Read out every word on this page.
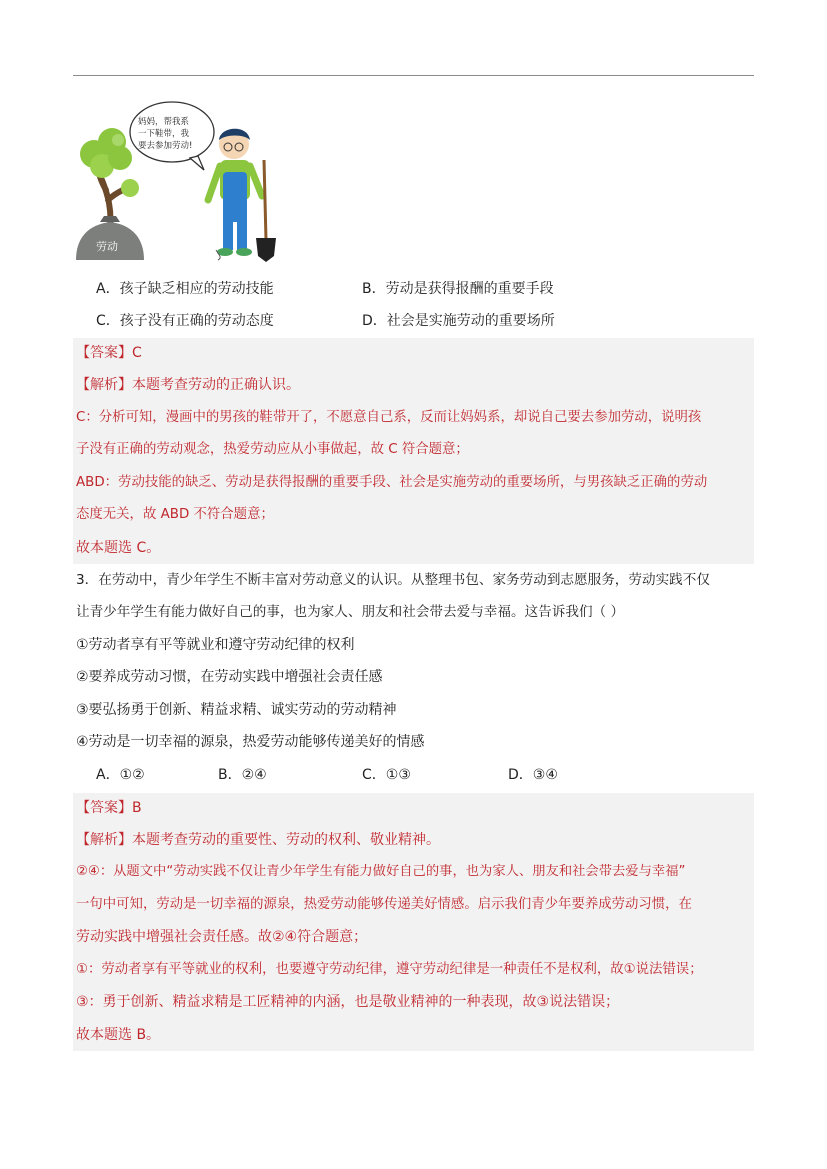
劳动
妈妈，帮我系
一下鞋带，我
要去参加劳动!
A．孩子缺乏相应的劳动技能	B．劳动是获得报酬的重要手段
C．孩子没有正确的劳动态度	D．社会是实施劳动的重要场所
【答案】C
【解析】本题考查劳动的正确认识。
C：分析可知，漫画中的男孩的鞋带开了，不愿意自己系，反而让妈妈系，却说自己要去参加劳动，说明孩
子没有正确的劳动观念，热爱劳动应从小事做起，故 C 符合题意；
ABD：劳动技能的缺乏、劳动是获得报酬的重要手段、社会是实施劳动的重要场所，与男孩缺乏正确的劳动
态度无关，故 ABD 不符合题意；
故本题选 C。
3．在劳动中，青少年学生不断丰富对劳动意义的认识。从整理书包、家务劳动到志愿服务，劳动实践不仅
让青少年学生有能力做好自己的事，也为家人、朋友和社会带去爱与幸福。这告诉我们（ ）
①劳动者享有平等就业和遵守劳动纪律的权利
②要养成劳动习惯，在劳动实践中增强社会责任感
③要弘扬勇于创新、精益求精、诚实劳动的劳动精神
④劳动是一切幸福的源泉，热爱劳动能够传递美好的情感
A．①②	B．②④	C．①③	D．③④
【答案】B
【解析】本题考查劳动的重要性、劳动的权利、敬业精神。
②④：从题文中“劳动实践不仅让青少年学生有能力做好自己的事，也为家人、朋友和社会带去爱与幸福”
一句中可知，劳动是一切幸福的源泉，热爱劳动能够传递美好情感。启示我们青少年要养成劳动习惯，在
劳动实践中增强社会责任感。故②④符合题意；
①：劳动者享有平等就业的权利，也要遵守劳动纪律，遵守劳动纪律是一种责任不是权利，故①说法错误；
③：勇于创新、精益求精是工匠精神的内涵，也是敬业精神的一种表现，故③说法错误；
故本题选 B。
